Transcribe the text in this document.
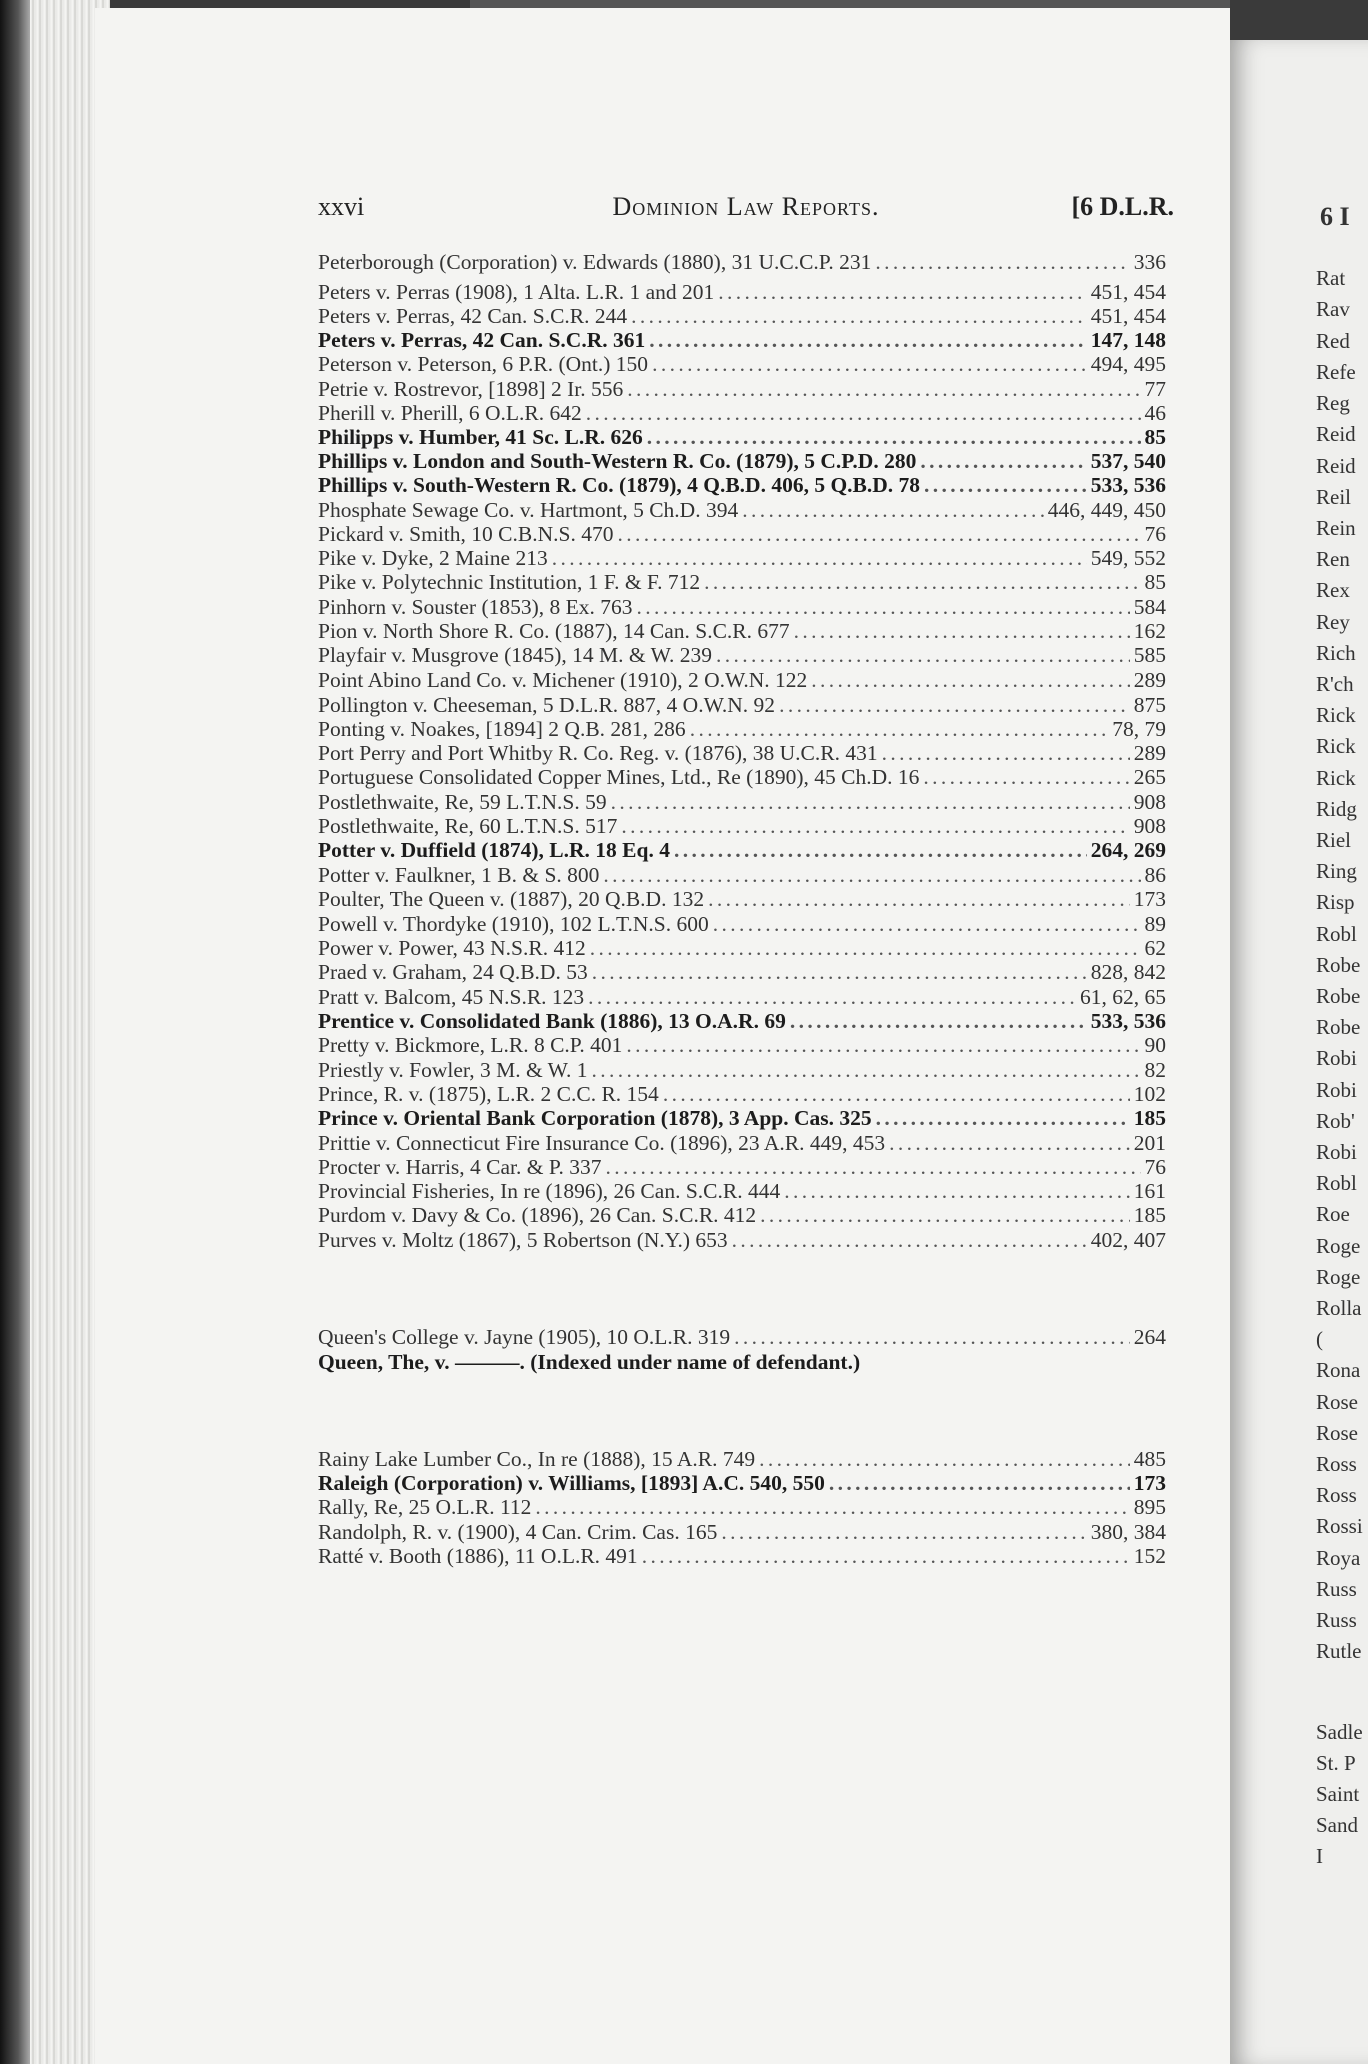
xxvi	Dominion Law Reports.	[6 D.L.R.
Peterborough (Corporation) v. Edwards (1880), 31 U.C.C.P. 231 . . .	336
Peters v. Perras (1908), 1 Alta. L.R. 1 and 201 . . .	451, 454
Peters v. Perras, 42 Can. S.C.R. 244 . . .	451, 454
Peters v. Perras, 42 Can. S.C.R. 361 . . .	147, 148
Peterson v. Peterson, 6 P.R. (Ont.) 150 . . .	494, 495
Petrie v. Rostrevor, [1898] 2 Ir. 556 . . .	77
Pherill v. Pherill, 6 O.L.R. 642 . . .	46
Philipps v. Humber, 41 Sc. L.R. 626 . . .	85
Phillips v. London and South-Western R. Co. (1879), 5 C.P.D. 280 . . .	537, 540
Phillips v. South-Western R. Co. (1879), 4 Q.B.D. 406, 5 Q.B.D. 78 . . .	533, 536
Phosphate Sewage Co. v. Hartmont, 5 Ch.D. 394 . . .	446, 449, 450
Pickard v. Smith, 10 C.B.N.S. 470 . . .	76
Pike v. Dyke, 2 Maine 213 . . .	549, 552
Pike v. Polytechnic Institution, 1 F. & F. 712 . . .	85
Pinhorn v. Souster (1853), 8 Ex. 763 . . .	584
Pion v. North Shore R. Co. (1887), 14 Can. S.C.R. 677 . . .	162
Playfair v. Musgrove (1845), 14 M. & W. 239 . . .	585
Point Abino Land Co. v. Michener (1910), 2 O.W.N. 122 . . .	289
Pollington v. Cheeseman, 5 D.L.R. 887, 4 O.W.N. 92 . . .	875
Ponting v. Noakes, [1894] 2 Q.B. 281, 286 . . .	78, 79
Port Perry and Port Whitby R. Co. Reg. v. (1876), 38 U.C.R. 431 . . .	289
Portuguese Consolidated Copper Mines, Ltd., Re (1890), 45 Ch.D. 16 . . .	265
Postlethwaite, Re, 59 L.T.N.S. 59 . . .	908
Postlethwaite, Re, 60 L.T.N.S. 517 . . .	908
Potter v. Duffield (1874), L.R. 18 Eq. 4 . . .	264, 269
Potter v. Faulkner, 1 B. & S. 800 . . .	86
Poulter, The Queen v. (1887), 20 Q.B.D. 132 . . .	173
Powell v. Thordyke (1910), 102 L.T.N.S. 600 . . .	89
Power v. Power, 43 N.S.R. 412 . . .	62
Praed v. Graham, 24 Q.B.D. 53 . . .	828, 842
Pratt v. Balcom, 45 N.S.R. 123 . . .	61, 62, 65
Prentice v. Consolidated Bank (1886), 13 O.A.R. 69 . . .	533, 536
Pretty v. Bickmore, L.R. 8 C.P. 401 . . .	90
Priestly v. Fowler, 3 M. & W. 1 . . .	82
Prince, R. v. (1875), L.R. 2 C.C. R. 154 . . .	102
Prince v. Oriental Bank Corporation (1878), 3 App. Cas. 325 . . .	185
Prittie v. Connecticut Fire Insurance Co. (1896), 23 A.R. 449, 453 . . .	201
Procter v. Harris, 4 Car. & P. 337 . . .	76
Provincial Fisheries, In re (1896), 26 Can. S.C.R. 444 . . .	161
Purdom v. Davy & Co. (1896), 26 Can. S.C.R. 412 . . .	185
Purves v. Moltz (1867), 5 Robertson (N.Y.) 653 . . .	402, 407
Queen's College v. Jayne (1905), 10 O.L.R. 319 . . .	264
Queen, The, v. ———. (Indexed under name of defendant.)
Rainy Lake Lumber Co., In re (1888), 15 A.R. 749 . . .	485
Raleigh (Corporation) v. Williams, [1893] A.C. 540, 550 . . .	173
Rally, Re, 25 O.L.R. 112 . . .	895
Randolph, R. v. (1900), 4 Can. Crim. Cas. 165 . . .	380, 384
Ratté v. Booth (1886), 11 O.L.R. 491 . . .	152
6 I
Rat
Rav
Red
Refe
Reg
Reid
Reid
Reil
Rein
Ren
Rex
Rey
Rich
R'ch
Rick
Rick
Rick
Ridg
Riel
Ring
Risp
Robl
Robe
Robe
Robe
Robi
Robi
Rob'
Robi
Robl
Roe
Roge
Roge
Rolla
(
Rona
Rose
Rose
Ross
Ross
Rossi
Roya
Russ
Russ
Rutle
Sadle
St. P
Saint
Sand
I
